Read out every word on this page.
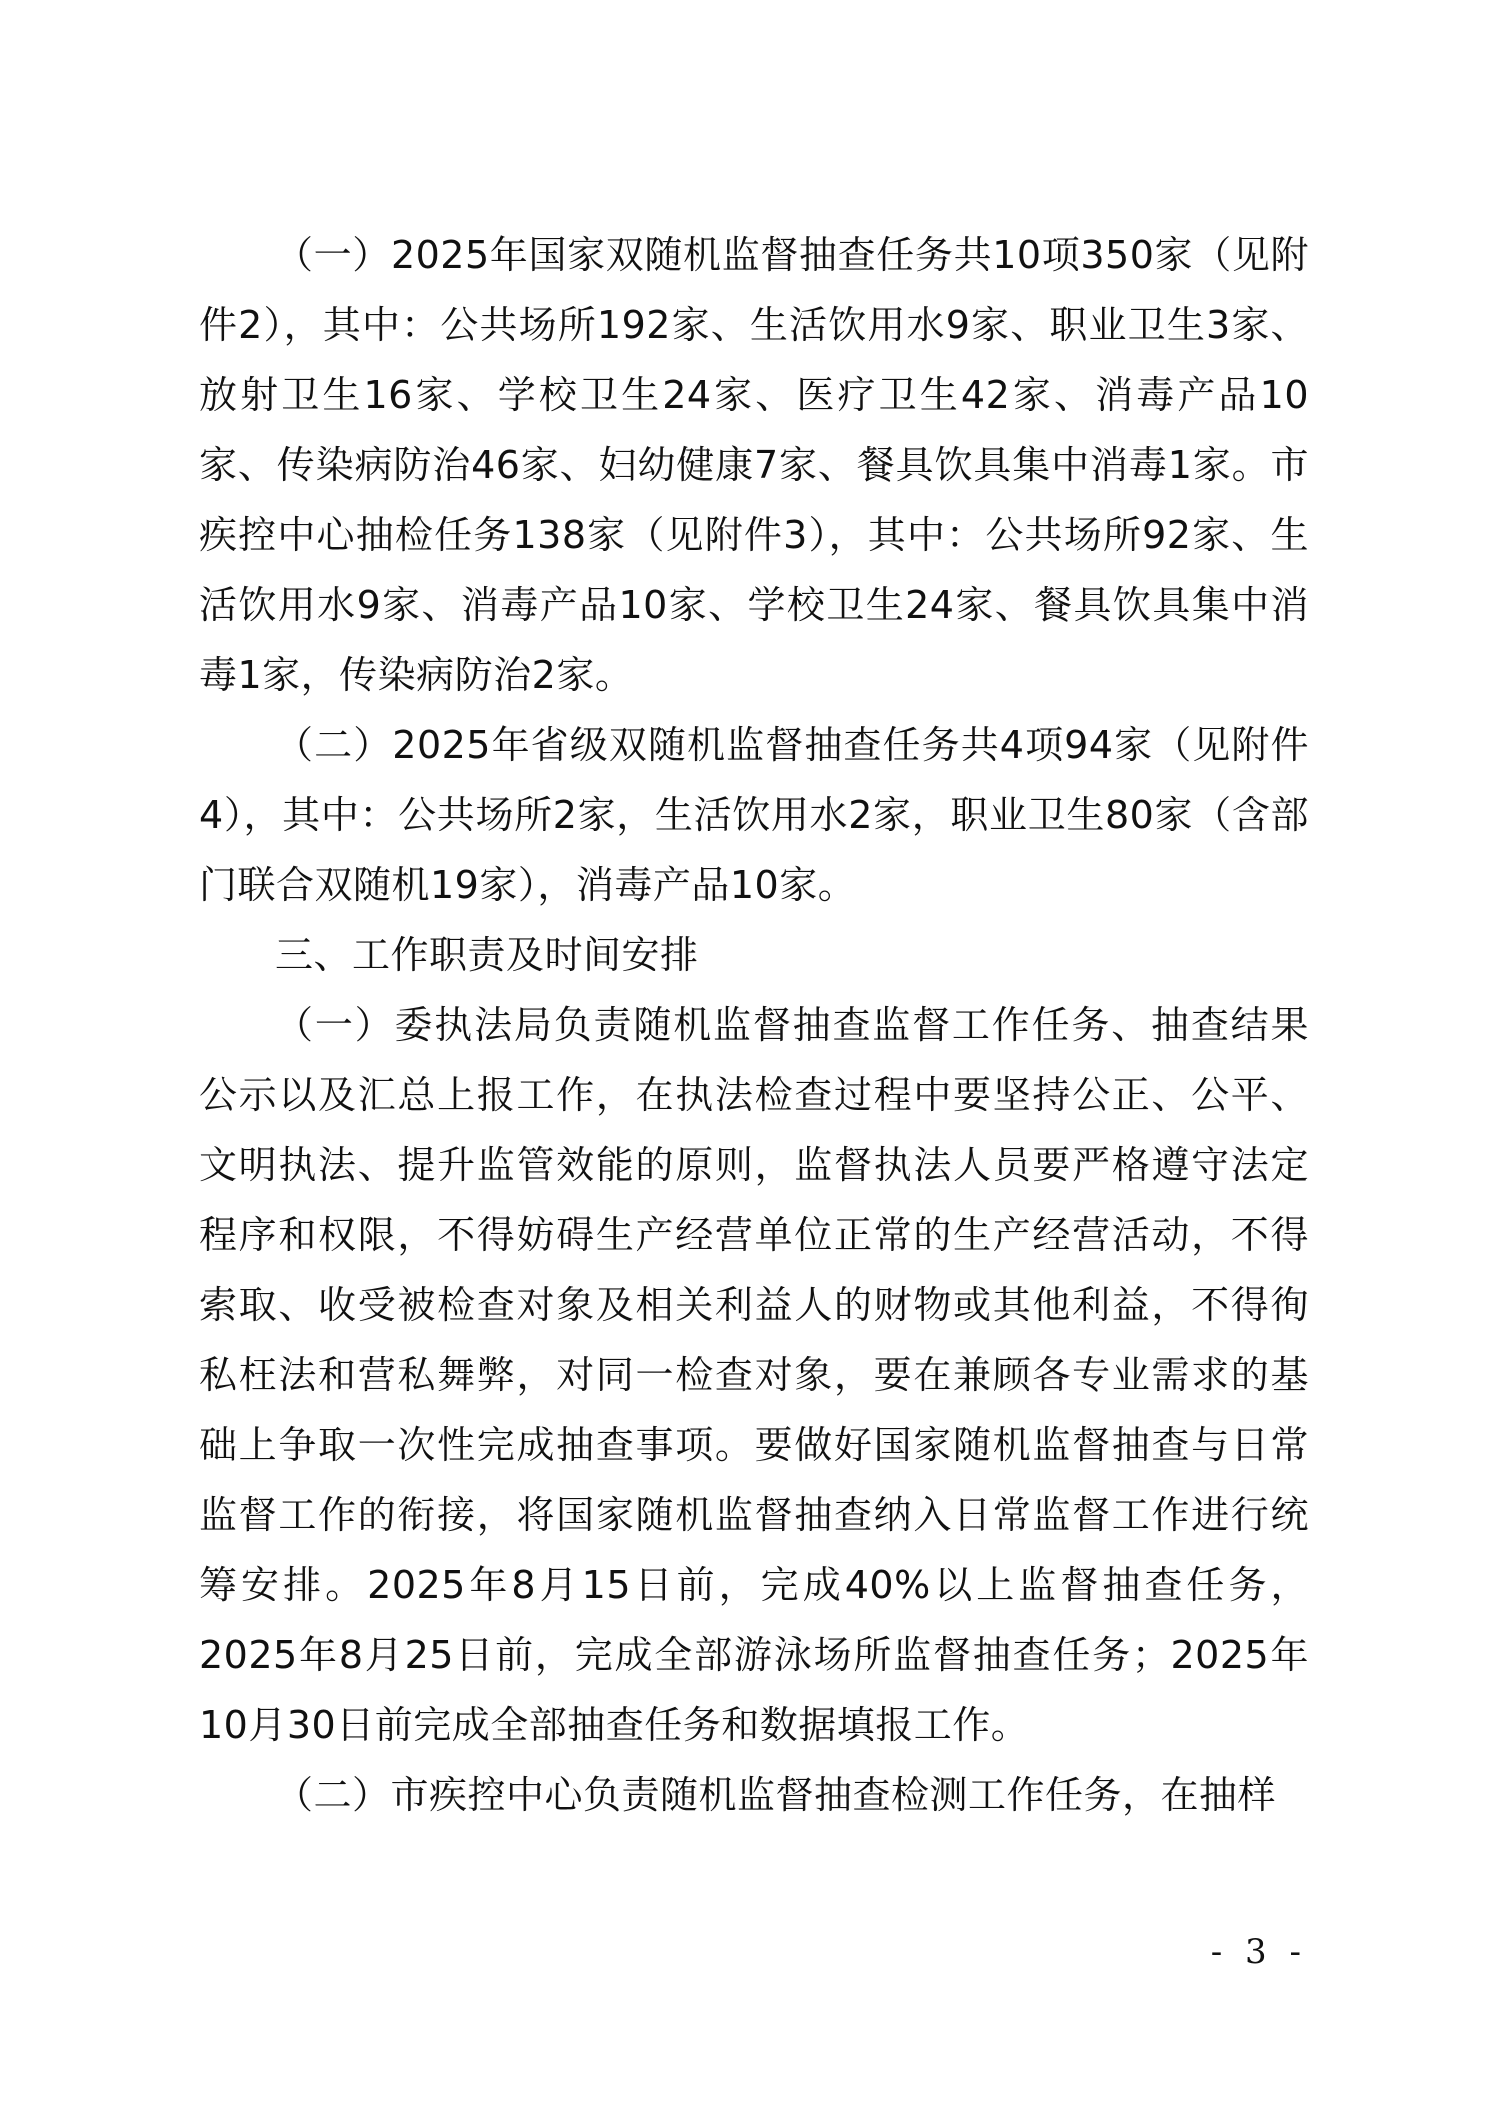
（一）2025年国家双随机监督抽查任务共10项350家（见附件2），其中：公共场所192家、生活饮用水9家、职业卫生3家、放射卫生16家、学校卫生24家、医疗卫生42家、消毒产品10家、传染病防治46家、妇幼健康7家、餐具饮具集中消毒1家。市疾控中心抽检任务138家（见附件3），其中：公共场所92家、生活饮用水9家、消毒产品10家、学校卫生24家、餐具饮具集中消毒1家，传染病防治2家。

（二）2025年省级双随机监督抽查任务共4项94家（见附件4），其中：公共场所2家，生活饮用水2家，职业卫生80家（含部门联合双随机19家），消毒产品10家。

三、工作职责及时间安排

（一）委执法局负责随机监督抽查监督工作任务、抽查结果公示以及汇总上报工作，在执法检查过程中要坚持公正、公平、文明执法、提升监管效能的原则，监督执法人员要严格遵守法定程序和权限，不得妨碍生产经营单位正常的生产经营活动，不得索取、收受被检查对象及相关利益人的财物或其他利益，不得徇私枉法和营私舞弊，对同一检查对象，要在兼顾各专业需求的基础上争取一次性完成抽查事项。要做好国家随机监督抽查与日常监督工作的衔接，将国家随机监督抽查纳入日常监督工作进行统筹安排。2025年8月15日前，完成40%以上监督抽查任务，2025年8月25日前，完成全部游泳场所监督抽查任务；2025年10月30日前完成全部抽查任务和数据填报工作。

（二）市疾控中心负责随机监督抽查检测工作任务，在抽样

- 3 -
